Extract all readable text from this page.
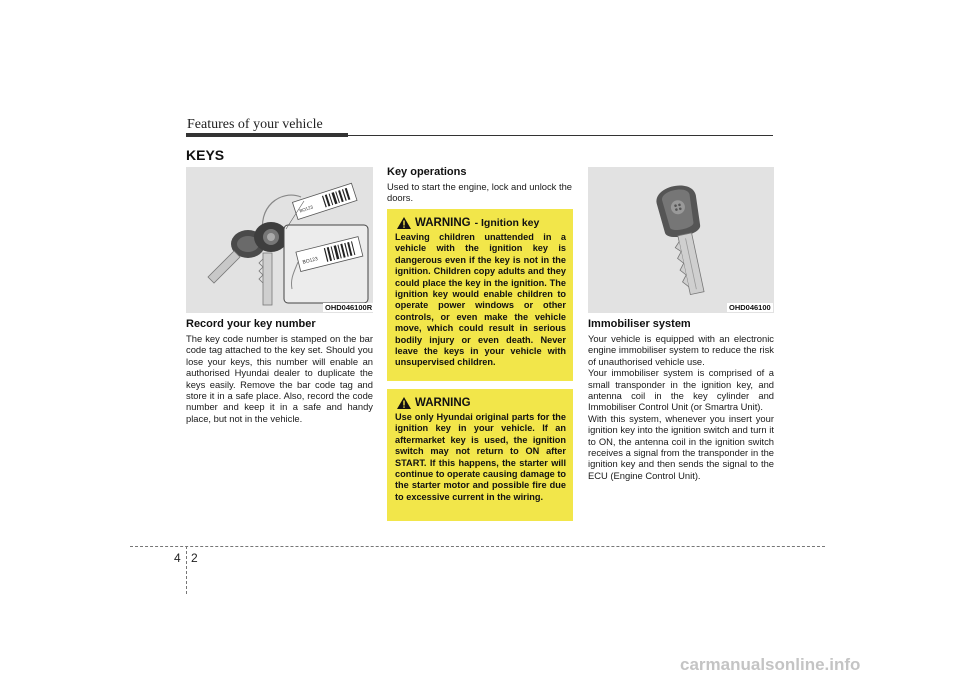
Features of your vehicle
KEYS
BO123
BO123
OHD046100R
Record your key number
The key code number is stamped on the bar code tag attached to the key set. Should you lose your keys, this number will enable an authorised Hyundai dealer to duplicate the keys easily. Remove the bar code tag and store it in a safe place. Also, record the code number and keep it in a safe and handy place, but not in the vehicle.
Key operations
Used to start the engine, lock and unlock the doors.
WARNING - Ignition key
Leaving children unattended in a vehicle with the ignition key is dangerous even if the key is not in the ignition. Children copy adults and they could place the key in the ignition. The ignition key would enable children to operate power windows or other controls, or even make the vehicle move, which could result in serious bodily injury or even death. Never leave the keys in your vehicle with unsupervised children.
WARNING
Use only Hyundai original parts for the ignition key in your vehicle. If an aftermarket key is used, the ignition switch may not return to ON after START. If this happens, the starter will continue to operate causing damage to the starter motor and possible fire due to excessive current in the wiring.
OHD046100
Immobiliser system
Your vehicle is equipped with an electronic engine immobiliser system to reduce the risk of unauthorised vehicle use.
Your immobiliser system is comprised of a small transponder in the ignition key, and antenna coil in the key cylinder and Immobiliser Control Unit (or Smartra Unit).
With this system, whenever you insert your ignition key into the ignition switch and turn it to ON, the antenna coil in the ignition switch receives a signal from the transponder in the ignition key and then sends the signal to the ECU (Engine Control Unit).
4 2
carmanualsonline.info
